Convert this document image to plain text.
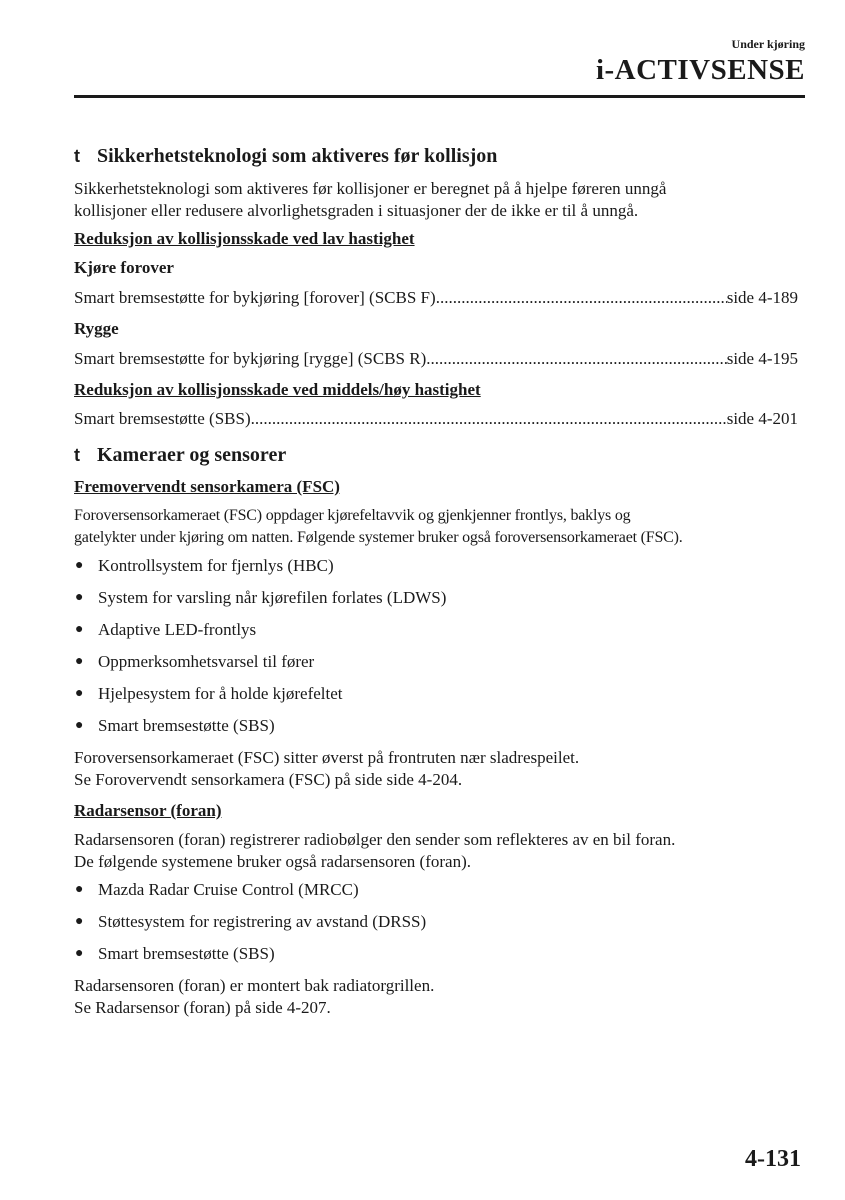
Under kjøring
i-ACTIVSENSE
t Sikkerhetsteknologi som aktiveres før kollisjon
Sikkerhetsteknologi som aktiveres før kollisjoner er beregnet på å hjelpe føreren unngå
kollisjoner eller redusere alvorlighetsgraden i situasjoner der de ikke er til å unngå.
Reduksjon av kollisjonsskade ved lav hastighet
Kjøre forover
Smart bremsestøtte for bykjøring [forover] (SCBS F) .....	side 4-189
Rygge
Smart bremsestøtte for bykjøring [rygge] (SCBS R) .....	side 4-195
Reduksjon av kollisjonsskade ved middels/høy hastighet
Smart bremsestøtte (SBS) .....	side 4-201
t Kameraer og sensorer
Fremovervendt sensorkamera (FSC)
Foroversensorkameraet (FSC) oppdager kjørefeltavvik og gjenkjenner frontlys, baklys og
gatelykter under kjøring om natten. Følgende systemer bruker også foroversensorkameraet (FSC).
● Kontrollsystem for fjernlys (HBC)
● System for varsling når kjørefilen forlates (LDWS)
● Adaptive LED-frontlys
● Oppmerksomhetsvarsel til fører
● Hjelpesystem for å holde kjørefeltet
● Smart bremsestøtte (SBS)
Foroversensorkameraet (FSC) sitter øverst på frontruten nær sladrespeilet.
Se Forovervendt sensorkamera (FSC) på side side 4-204.
Radarsensor (foran)
Radarsensoren (foran) registrerer radiobølger den sender som reflekteres av en bil foran.
De følgende systemene bruker også radarsensoren (foran).
● Mazda Radar Cruise Control (MRCC)
● Støttesystem for registrering av avstand (DRSS)
● Smart bremsestøtte (SBS)
Radarsensoren (foran) er montert bak radiatorgrillen.
Se Radarsensor (foran) på side 4-207.
4-131
